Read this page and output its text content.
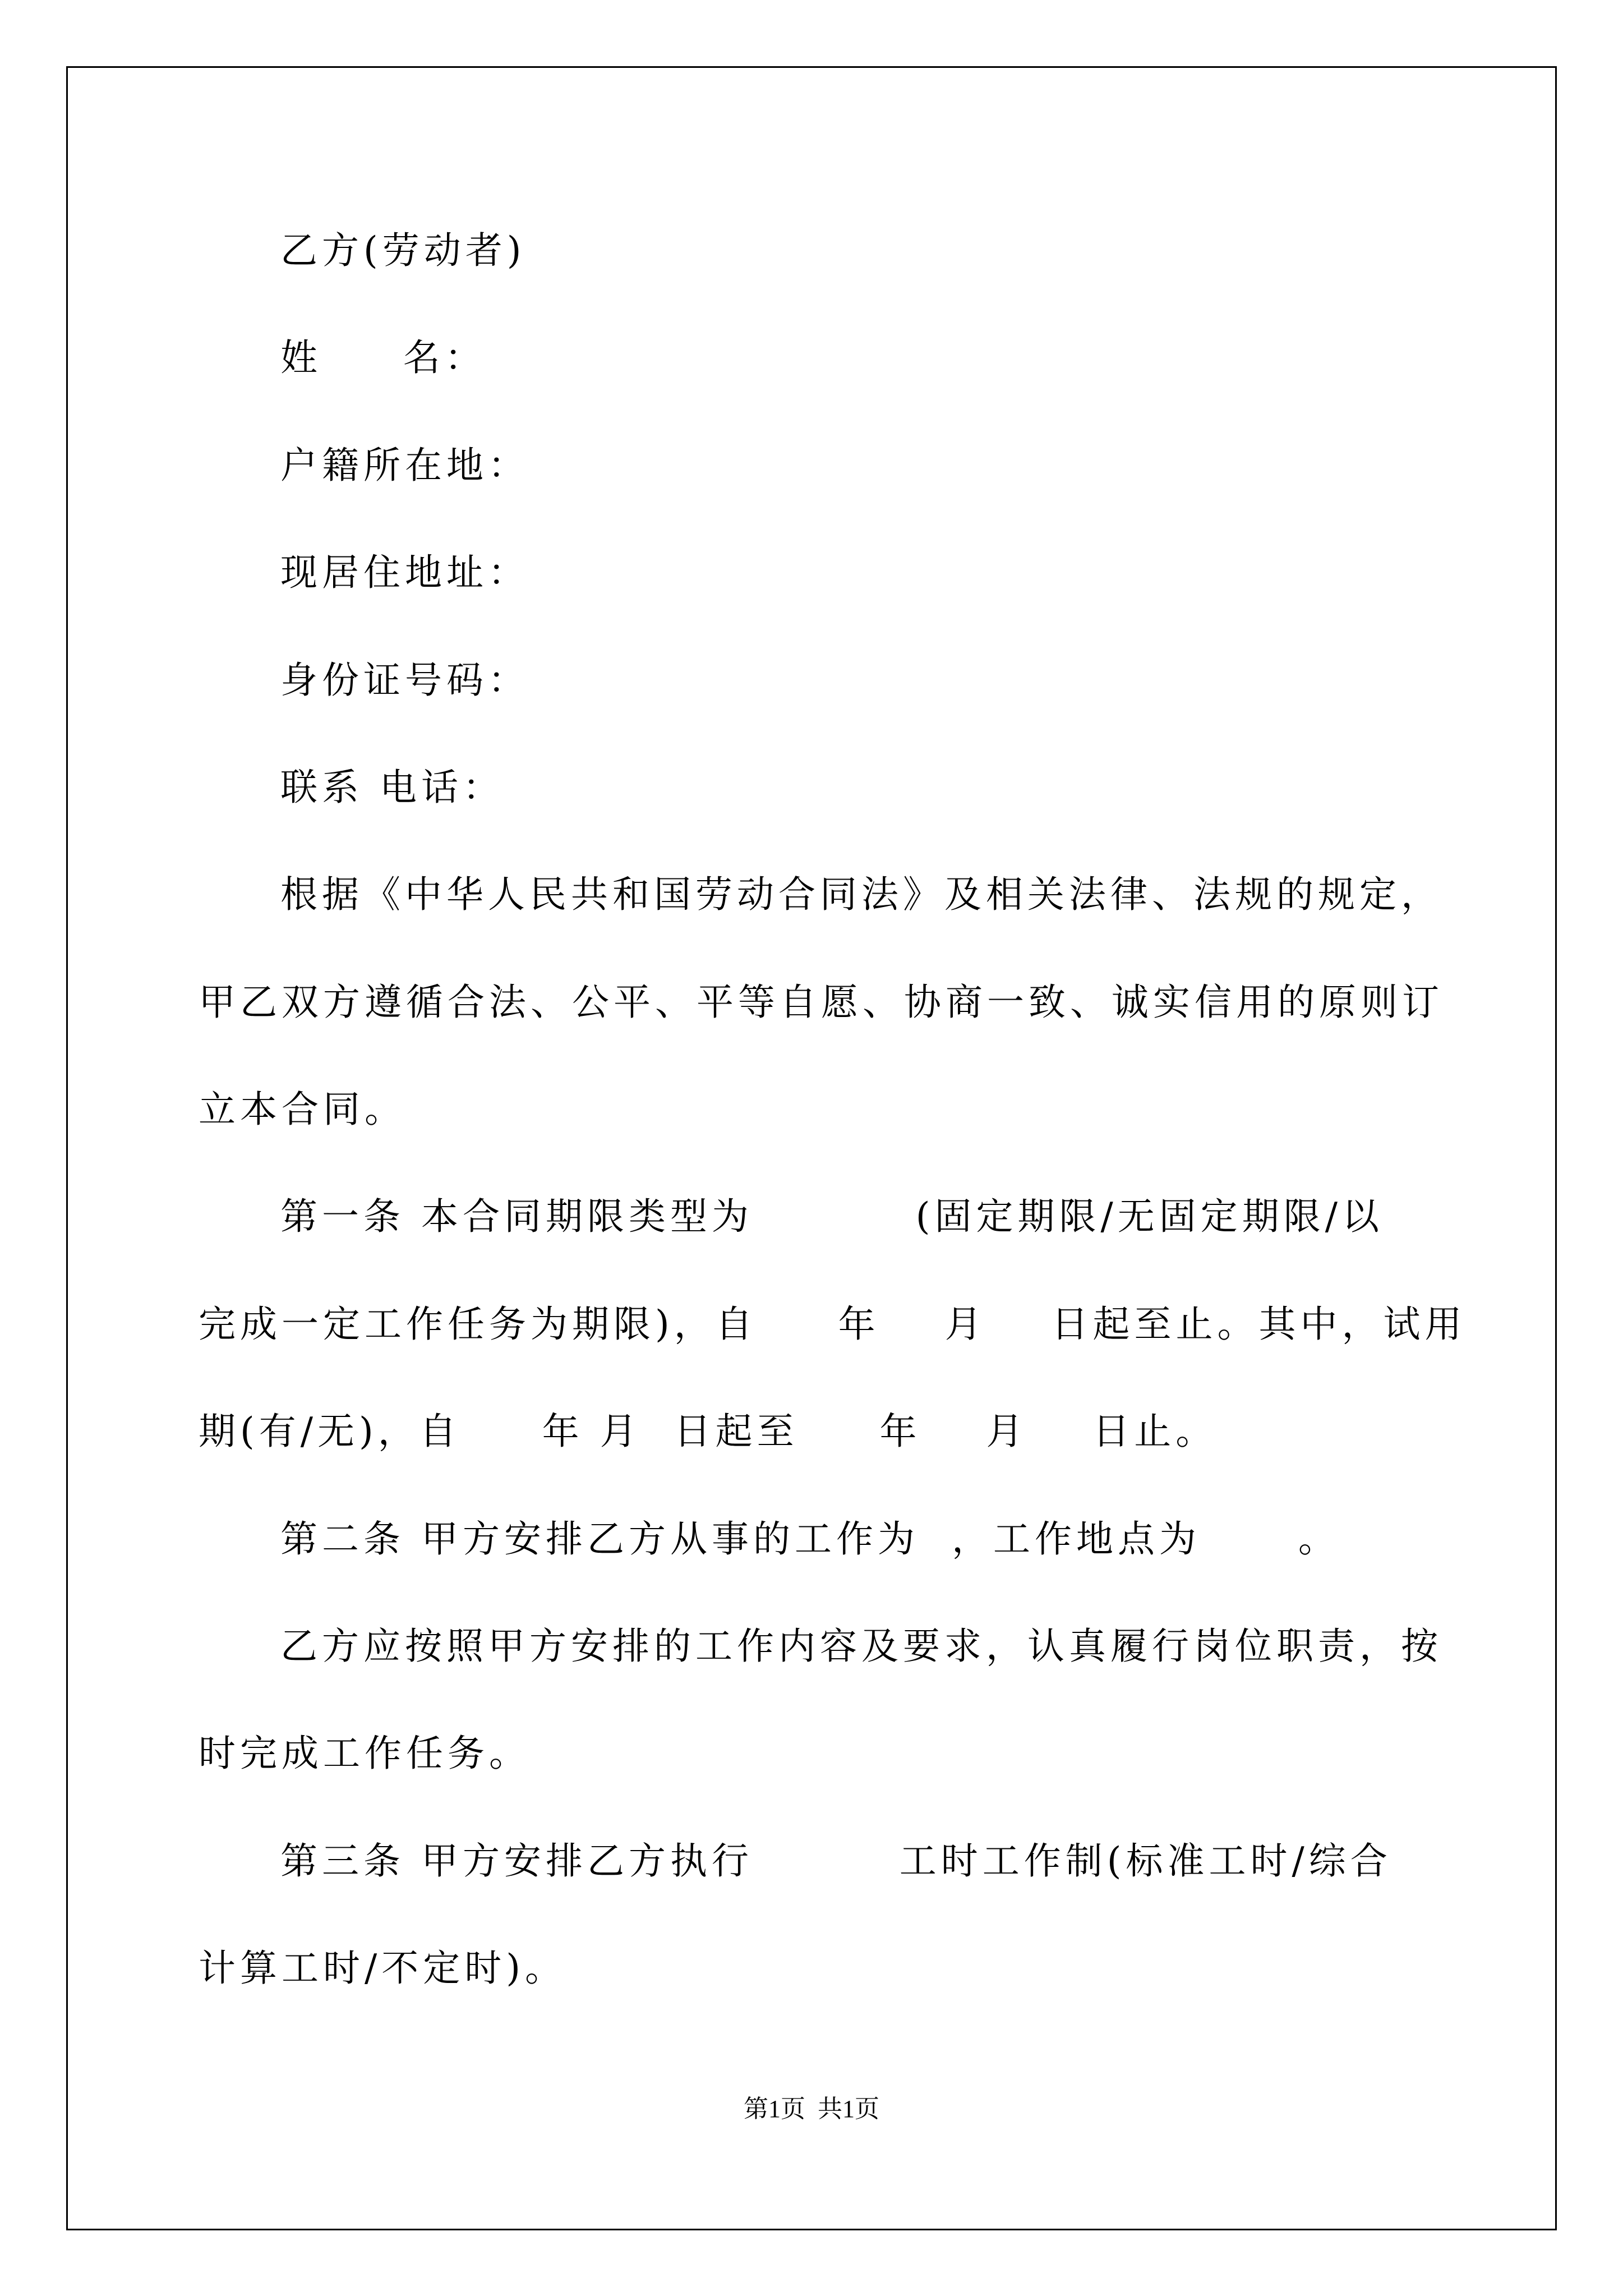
乙方(劳动者)
姓     名：
户籍所在地：
现居住地址：
身份证号码：
联系 电话：
根据《中华人民共和国劳动合同法》及相关法律、法规的规定，
甲乙双方遵循合法、公平、平等自愿、协商一致、诚实信用的原则订
立本合同。
第一条 本合同期限类型为          (固定期限/无固定期限/以
完成一定工作任务为期限)，自     年    月    日起至止。其中，试用
期(有/无)，自     年 月  日起至     年    月    日止。
第二条 甲方安排乙方从事的工作为  ，工作地点为      。
乙方应按照甲方安排的工作内容及要求，认真履行岗位职责，按
时完成工作任务。
第三条 甲方安排乙方执行         工时工作制(标准工时/综合
计算工时/不定时)。
第1页  共1页
